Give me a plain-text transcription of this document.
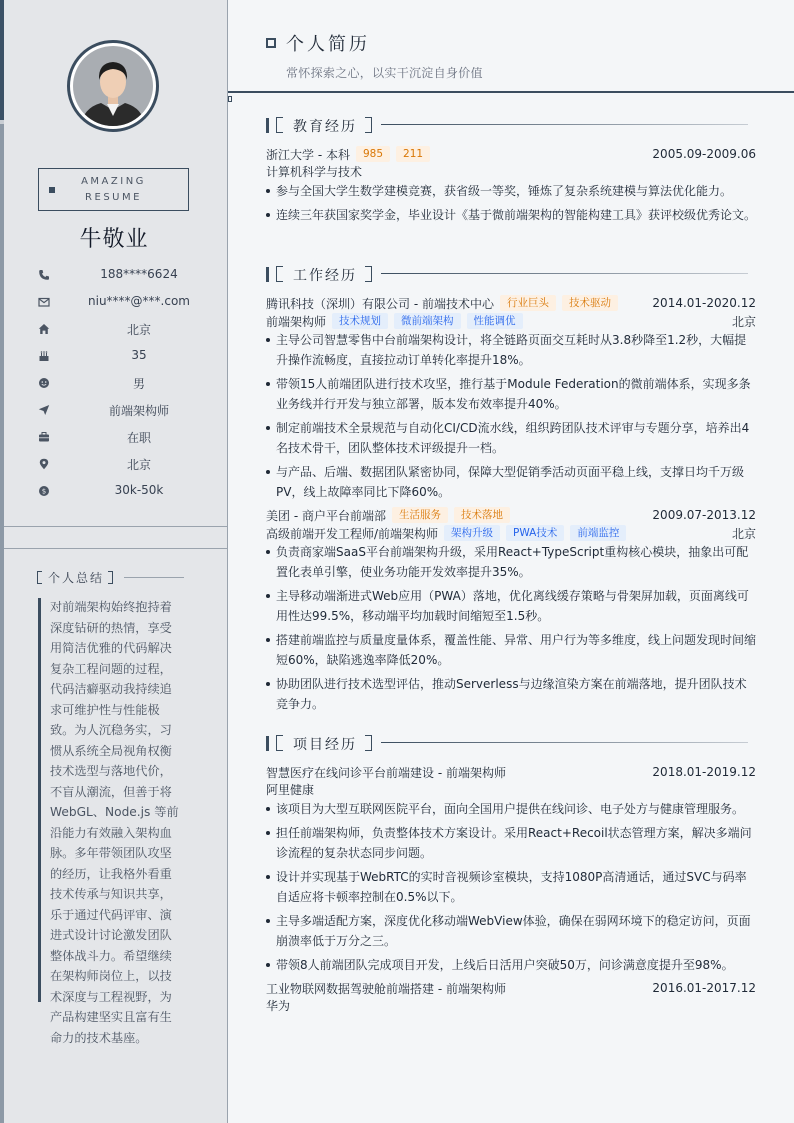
AMAZING
RESUME
牛敬业
188****6624
niu****@***.com
北京
35
男
前端架构师
在职
北京
$	30k-50k
个人总结
对前端架构始终抱持着深度钻研的热情，享受用简洁优雅的代码解决复杂工程问题的过程，代码洁癖驱动我持续追求可维护性与性能极致。为人沉稳务实，习惯从系统全局视角权衡技术选型与落地代价，不盲从潮流，但善于将 WebGL、Node.js 等前沿能力有效融入架构血脉。多年带领团队攻坚的经历，让我格外看重技术传承与知识共享，乐于通过代码评审、演进式设计讨论激发团队整体战斗力。希望继续在架构师岗位上，以技术深度与工程视野，为产品构建坚实且富有生命力的技术基座。
个人简历
常怀探索之心，以实干沉淀自身价值
教育经历
浙江大学 - 本科	985	211	2005.09-2009.06
计算机科学与技术
参与全国大学生数学建模竞赛，获省级一等奖，锤炼了复杂系统建模与算法优化能力。
连续三年获国家奖学金，毕业设计《基于微前端架构的智能构建工具》获评校级优秀论文。
工作经历
腾讯科技（深圳）有限公司 - 前端技术中心	行业巨头	技术驱动	2014.01-2020.12
前端架构师	技术规划	微前端架构	性能调优	北京
主导公司智慧零售中台前端架构设计，将全链路页面交互耗时从3.8秒降至1.2秒，大幅提升操作流畅度，直接拉动订单转化率提升18%。
带领15人前端团队进行技术攻坚，推行基于Module Federation的微前端体系，实现多条业务线并行开发与独立部署，版本发布效率提升40%。
制定前端技术全景规范与自动化CI/CD流水线，组织跨团队技术评审与专题分享，培养出4名技术骨干，团队整体技术评级提升一档。
与产品、后端、数据团队紧密协同，保障大型促销季活动页面平稳上线，支撑日均千万级PV，线上故障率同比下降60%。
美团 - 商户平台前端部	生活服务	技术落地	2009.07-2013.12
高级前端开发工程师/前端架构师	架构升级	PWA技术	前端监控	北京
负责商家端SaaS平台前端架构升级，采用React+TypeScript重构核心模块，抽象出可配置化表单引擎，使业务功能开发效率提升35%。
主导移动端渐进式Web应用（PWA）落地，优化离线缓存策略与骨架屏加载，页面离线可用性达99.5%，移动端平均加载时间缩短至1.5秒。
搭建前端监控与质量度量体系，覆盖性能、异常、用户行为等多维度，线上问题发现时间缩短60%，缺陷逃逸率降低20%。
协助团队进行技术选型评估，推动Serverless与边缘渲染方案在前端落地，提升团队技术竞争力。
项目经历
智慧医疗在线问诊平台前端建设 - 前端架构师	2018.01-2019.12
阿里健康
该项目为大型互联网医院平台，面向全国用户提供在线问诊、电子处方与健康管理服务。
担任前端架构师，负责整体技术方案设计。采用React+Recoil状态管理方案，解决多端问诊流程的复杂状态同步问题。
设计并实现基于WebRTC的实时音视频诊室模块，支持1080P高清通话，通过SVC与码率自适应将卡顿率控制在0.5%以下。
主导多端适配方案，深度优化移动端WebView体验，确保在弱网环境下的稳定访问，页面崩溃率低于万分之三。
带领8人前端团队完成项目开发，上线后日活用户突破50万，问诊满意度提升至98%。
工业物联网数据驾驶舱前端搭建 - 前端架构师	2016.01-2017.12
华为
